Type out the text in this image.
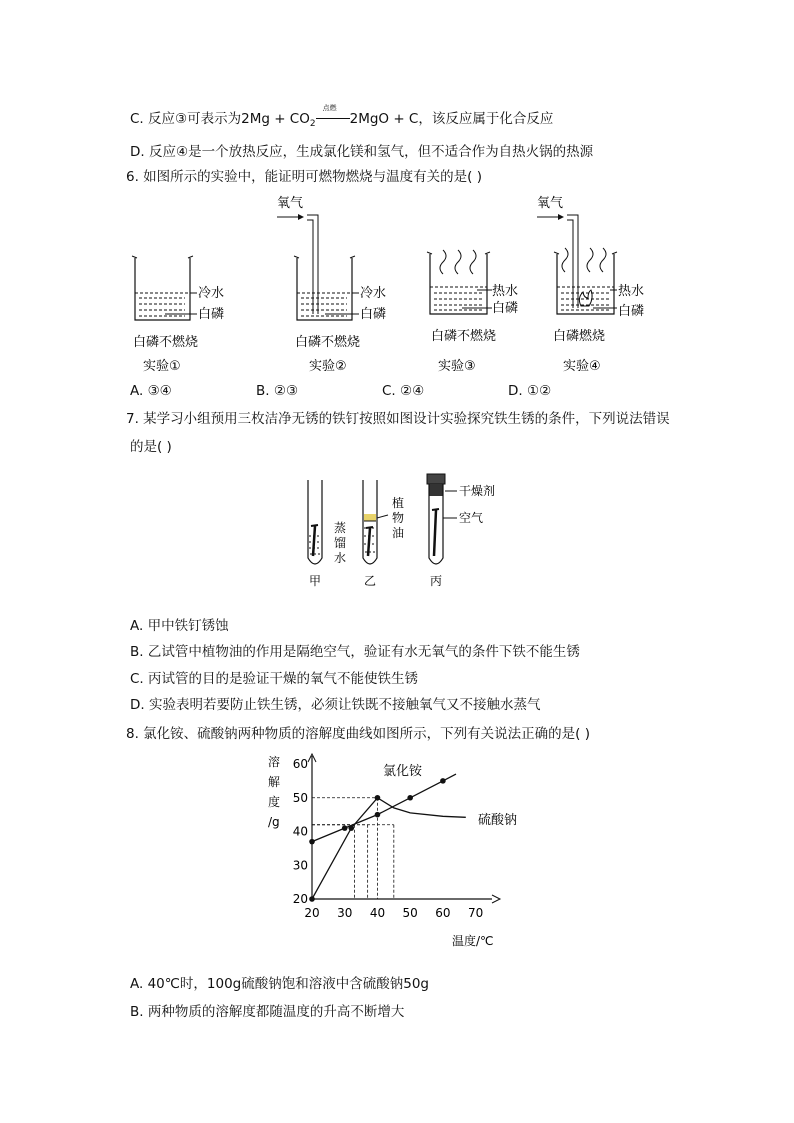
C. 反应③可表示为$2Mg + CO_2$
点燃
2MgO + C，该反应属于化合反应
D. 反应④是一个放热反应，生成氯化镁和氢气，但不适合作为自热火锅的热源
6. 如图所示的实验中，能证明可燃物燃烧与温度有关的是( )
冷水
白磷
白磷不燃烧
实验①
氧气
冷水
白磷
白磷不燃烧
实验②
热水
白磷
白磷不燃烧
实验③
氧气
热水
白磷
白磷燃烧
实验④
A. ③④	B. ②③	C. ②④	D. ①②
7. 某学习小组预用三枚洁净无锈的铁钉按照如图设计实验探究铁生锈的条件，下列说法错误
的是( )
蒸
馏
水
甲
植
物
油
乙
干燥剂
空气
丙
A. 甲中铁钉锈蚀
B. 乙试管中植物油的作用是隔绝空气，验证有水无氧气的条件下铁不能生锈
C. 丙试管的目的是验证干燥的氧气不能使铁生锈
D. 实验表明若要防止铁生锈，必须让铁既不接触氧气又不接触水蒸气
8. 氯化铵、硫酸钠两种物质的溶解度曲线如图所示，下列有关说法正确的是( )
20 30 40 50 60 70
20
30
40
50
60
溶
解
度
/g
温度/℃
氯化铵
硫酸钠
A. 40℃时，100g硫酸钠饱和溶液中含硫酸钠50g
B. 两种物质的溶解度都随温度的升高不断增大
